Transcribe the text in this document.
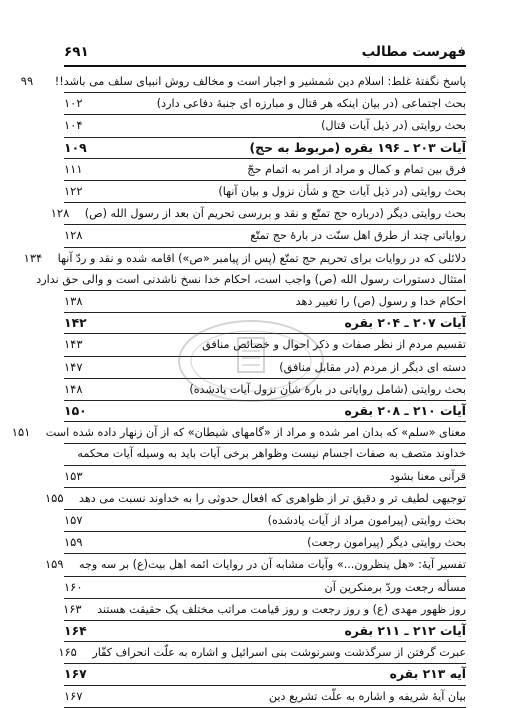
فهرست مطالب
۶۹۱
پاسخ نگفتهٔ غلط: اسلام دین شمشیر و اجبار است و مخالف روش انبیای سلف می باشد!!
۹۹
بحث اجتماعی (در بیان اینکه هر قتال و مبارزه ای جنبهٔ دفاعی دارد)
۱۰۲
بحث روایتی (در ذیل آیات قتال)
۱۰۴
آیات ۲۰۳ ـ ۱۹۶ بقره (مربوط به حج)
۱۰۹
فرق بین تمام و کمال و مراد از امر به اتمام حجّ
۱۱۱
بحث روایتی (در ذیل آیات حج و شأن نزول و بیان آنها)
۱۲۲
بحث روایتی دیگر (درباره حج تمتّع و نقد و بررسی تحریم آن بعد از رسول الله (ص)
۱۲۸
روایاتی چند از طرق اهل سنّت در بارهٔ حج تمتّع
۱۲۸
دلائلی که در روایات برای تحریم حج تمتّع (پس از پیامبر «ص») اقامه شده و نقد و ردّ آنها
۱۳۴
امتثال دستورات رسول الله (ص) واجب است، احکام خدا نسخ ناشدنی است و والی حق ندارد
احکام خدا و رسول (ص) را تغییر دهد
۱۳۸
آیات ۲۰۷ ـ ۲۰۴ بقره
۱۴۲
تقسیم مردم از نظر صفات و ذکر احوال و خصائص منافق
۱۴۳
دسته ای دیگر از مردم (در مقابل منافق)
۱۴۷
بحث روایتی (شامل روایاتی در بارهٔ شأن نزول آیات یادشده)
۱۴۸
آیات ۲۱۰ ـ ۲۰۸ بقره
۱۵۰
معنای «سلم» که بدان امر شده و مراد از «گامهای شیطان» که از آن زنهار داده شده است
۱۵۱
خداوند متصف به صفات اجسام نیست وظواهر برخی آیات باید به وسیله آیات محکمه
قرآنی معنا بشود
۱۵۳
توجیهی لطیف تر و دقیق تر از ظواهری که افعال حدوثی را به خداوند نسبت می دهد
۱۵۵
بحث روایتی (پیرامون مراد از آیات یادشده)
۱۵۷
بحث روایتی دیگر (پیرامون رجعت)
۱۵۹
تفسیر آیهٔ: «هل ینظرون...» وآیات مشابه آن در روایات ائمه اهل بیت(ع) بر سه وجه
۱۵۹
مسأله رجعت وردّ برمنکرین آن
۱۶۰
روز ظهور مهدی (ع) و روز رجعت و روز قیامت مراتب مختلف یک حقیقت هستند
۱۶۳
آیات ۲۱۲ ـ ۲۱۱ بقره
۱۶۴
عبرت گرفتن از سرگذشت وسرنوشت بنی اسرائیل و اشاره به علّت انحراف کفّار
۱۶۵
آیه ۲۱۳ بقره
۱۶۷
بیان آیهٔ شریفه و اشاره به علّت تشریع دین
۱۶۷
